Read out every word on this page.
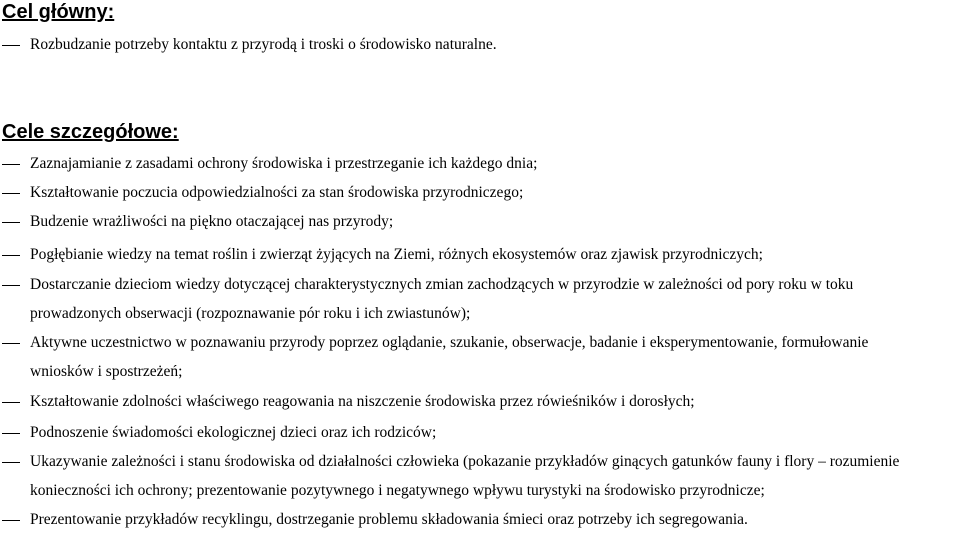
Cel główny:
Rozbudzanie potrzeby kontaktu z przyrodą i troski o środowisko naturalne.
Cele szczegółowe:
Zaznajamianie z zasadami ochrony środowiska i przestrzeganie ich każdego dnia;
Kształtowanie poczucia odpowiedzialności za stan środowiska przyrodniczego;
Budzenie wrażliwości na piękno otaczającej nas przyrody;
Pogłębianie wiedzy na temat roślin i zwierząt żyjących na Ziemi, różnych ekosystemów oraz zjawisk przyrodniczych;
Dostarczanie dzieciom wiedzy dotyczącej charakterystycznych zmian zachodzących w przyrodzie w zależności od pory roku w toku
prowadzonych obserwacji (rozpoznawanie pór roku i ich zwiastunów);
Aktywne uczestnictwo w poznawaniu przyrody poprzez oglądanie, szukanie, obserwacje, badanie i eksperymentowanie, formułowanie
wniosków i spostrzeżeń;
Kształtowanie zdolności właściwego reagowania na niszczenie środowiska przez rówieśników i dorosłych;
Podnoszenie świadomości ekologicznej dzieci oraz ich rodziców;
Ukazywanie zależności i stanu środowiska od działalności człowieka (pokazanie przykładów ginących gatunków fauny i flory – rozumienie
konieczności ich ochrony; prezentowanie pozytywnego i negatywnego wpływu turystyki na środowisko przyrodnicze;
Prezentowanie przykładów recyklingu, dostrzeganie problemu składowania śmieci oraz potrzeby ich segregowania.
